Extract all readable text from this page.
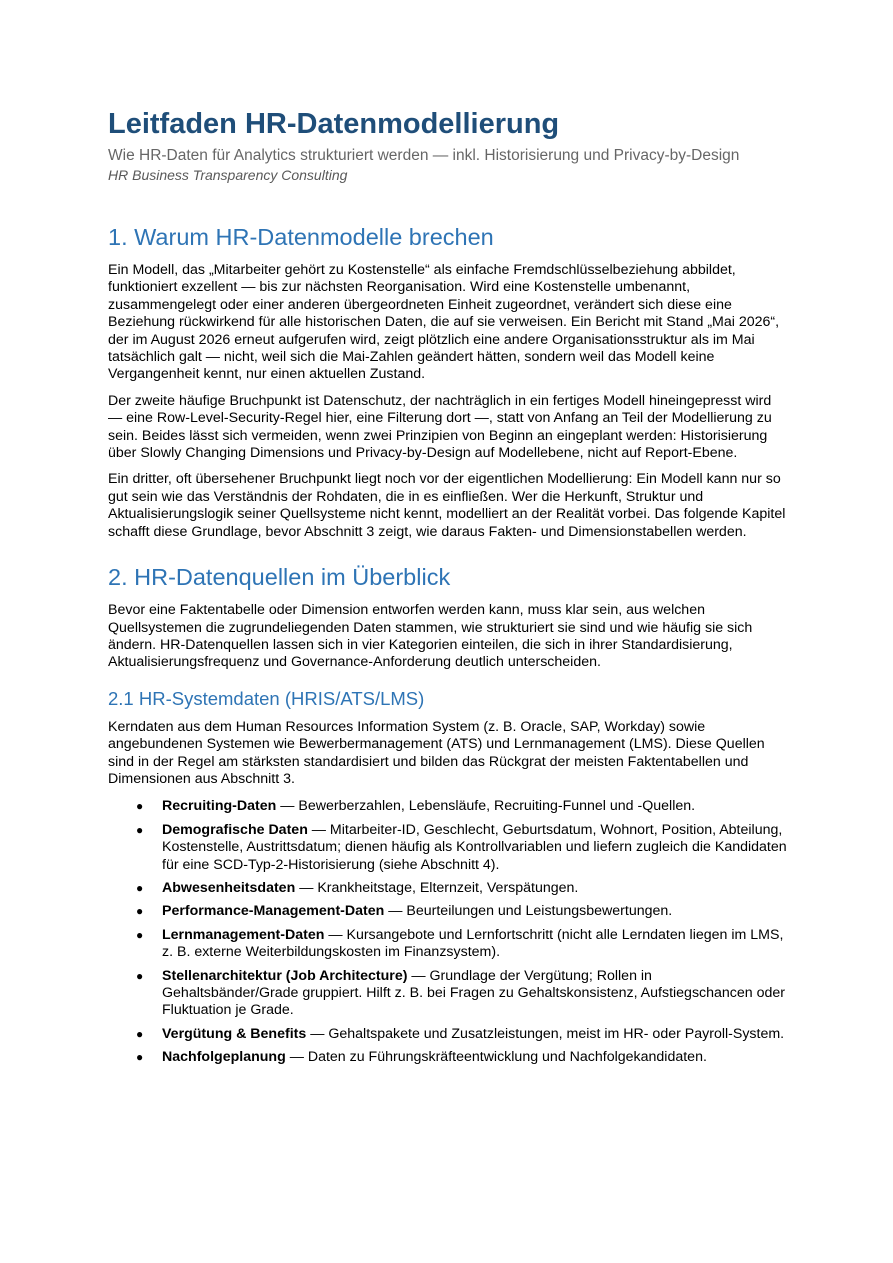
Leitfaden HR-Datenmodellierung
Wie HR-Daten für Analytics strukturiert werden — inkl. Historisierung und Privacy-by-Design
HR Business Transparency Consulting
1. Warum HR-Datenmodelle brechen

Ein Modell, das „Mitarbeiter gehört zu Kostenstelle“ als einfache Fremdschlüsselbeziehung abbildet, funktioniert exzellent — bis zur nächsten Reorganisation. Wird eine Kostenstelle umbenannt, zusammengelegt oder einer anderen übergeordneten Einheit zugeordnet, verändert sich diese eine Beziehung rückwirkend für alle historischen Daten, die auf sie verweisen. Ein Bericht mit Stand „Mai 2026“, der im August 2026 erneut aufgerufen wird, zeigt plötzlich eine andere Organisationsstruktur als im Mai tatsächlich galt — nicht, weil sich die Mai-Zahlen geändert hätten, sondern weil das Modell keine Vergangenheit kennt, nur einen aktuellen Zustand.

Der zweite häufige Bruchpunkt ist Datenschutz, der nachträglich in ein fertiges Modell hineingepresst wird — eine Row-Level-Security-Regel hier, eine Filterung dort —, statt von Anfang an Teil der Modellierung zu sein. Beides lässt sich vermeiden, wenn zwei Prinzipien von Beginn an eingeplant werden: Historisierung über Slowly Changing Dimensions und Privacy-by-Design auf Modellebene, nicht auf Report-Ebene.

Ein dritter, oft übersehener Bruchpunkt liegt noch vor der eigentlichen Modellierung: Ein Modell kann nur so gut sein wie das Verständnis der Rohdaten, die in es einfließen. Wer die Herkunft, Struktur und Aktualisierungslogik seiner Quellsysteme nicht kennt, modelliert an der Realität vorbei. Das folgende Kapitel schafft diese Grundlage, bevor Abschnitt 3 zeigt, wie daraus Fakten- und Dimensionstabellen werden.

2. HR-Datenquellen im Überblick

Bevor eine Faktentabelle oder Dimension entworfen werden kann, muss klar sein, aus welchen Quellsystemen die zugrundeliegenden Daten stammen, wie strukturiert sie sind und wie häufig sie sich ändern. HR-Datenquellen lassen sich in vier Kategorien einteilen, die sich in ihrer Standardisierung, Aktualisierungsfrequenz und Governance-Anforderung deutlich unterscheiden.

2.1 HR-Systemdaten (HRIS/ATS/LMS)

Kerndaten aus dem Human Resources Information System (z. B. Oracle, SAP, Workday) sowie angebundenen Systemen wie Bewerbermanagement (ATS) und Lernmanagement (LMS). Diese Quellen sind in der Regel am stärksten standardisiert und bilden das Rückgrat der meisten Faktentabellen und Dimensionen aus Abschnitt 3.

● Recruiting-Daten — Bewerberzahlen, Lebensläufe, Recruiting-Funnel und -Quellen.
● Demografische Daten — Mitarbeiter-ID, Geschlecht, Geburtsdatum, Wohnort, Position, Abteilung, Kostenstelle, Austrittsdatum; dienen häufig als Kontrollvariablen und liefern zugleich die Kandidaten für eine SCD-Typ-2-Historisierung (siehe Abschnitt 4).
● Abwesenheitsdaten — Krankheitstage, Elternzeit, Verspätungen.
● Performance-Management-Daten — Beurteilungen und Leistungsbewertungen.
● Lernmanagement-Daten — Kursangebote und Lernfortschritt (nicht alle Lerndaten liegen im LMS, z. B. externe Weiterbildungskosten im Finanzsystem).
● Stellenarchitektur (Job Architecture) — Grundlage der Vergütung; Rollen in Gehaltsbänder/Grade gruppiert. Hilft z. B. bei Fragen zu Gehaltskonsistenz, Aufstiegschancen oder Fluktuation je Grade.
● Vergütung & Benefits — Gehaltspakete und Zusatzleistungen, meist im HR- oder Payroll-System.
● Nachfolgeplanung — Daten zu Führungskräfteentwicklung und Nachfolgekandidaten.
